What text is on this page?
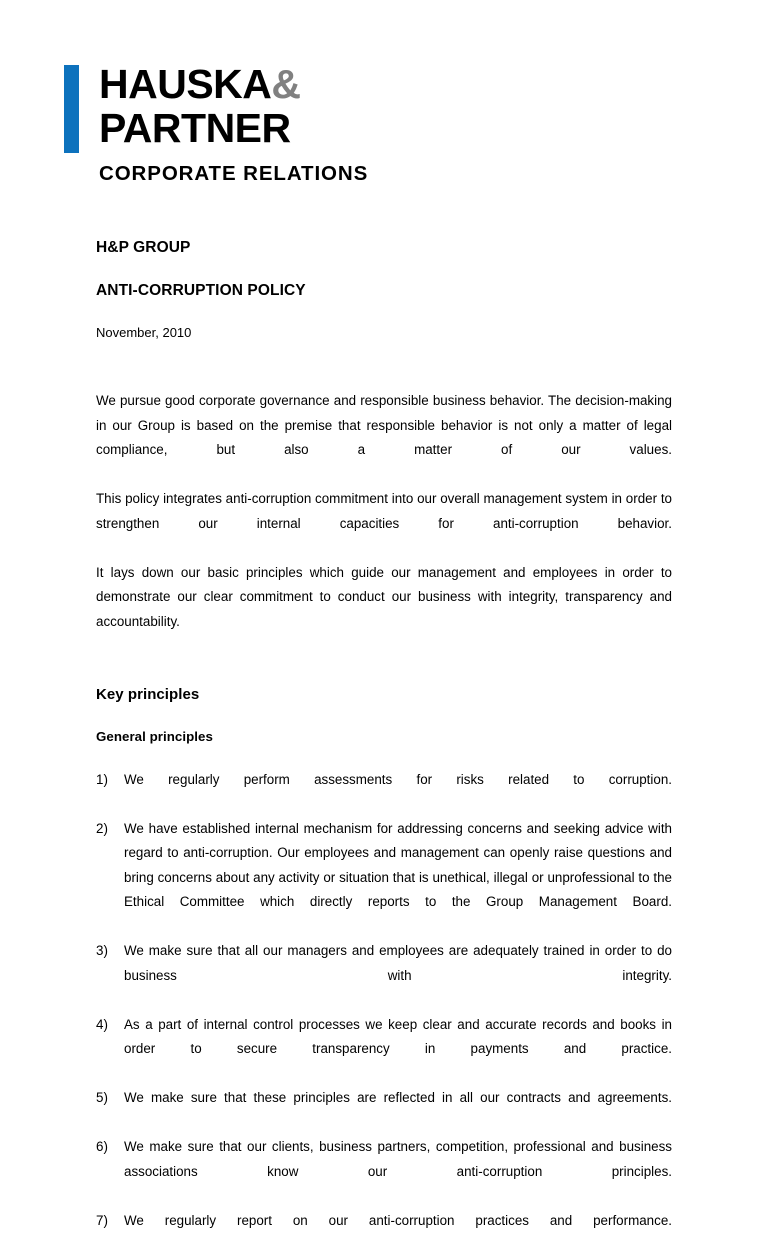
HAUSKA&
PARTNER
CORPORATE RELATIONS
H&P GROUP
ANTI-CORRUPTION POLICY
November, 2010

We pursue good corporate governance and responsible business behavior. The decision-making in our Group is based on the premise that responsible behavior is not only a matter of legal compliance, but also a matter of our values.

This policy integrates anti-corruption commitment into our overall management system in order to strengthen our internal capacities for anti-corruption behavior.

It lays down our basic principles which guide our management and employees in order to demonstrate our clear commitment to conduct our business with integrity, transparency and accountability.

Key principles
General principles
1)	We regularly perform assessments for risks related to corruption.
2)	We have established internal mechanism for addressing concerns and seeking advice with regard to anti-corruption. Our employees and management can openly raise questions and bring concerns about any activity or situation that is unethical, illegal or unprofessional to the Ethical Committee which directly reports to the Group Management Board.
3)	We make sure that all our managers and employees are adequately trained in order to do business with integrity.
4)	As a part of internal control processes we keep clear and accurate records and books in order to secure transparency in payments and practice.
5)	We make sure that these principles are reflected in all our contracts and agreements.
6)	We make sure that our clients, business partners, competition, professional and business associations know our anti-corruption principles.
7)	We regularly report on our anti-corruption practices and performance.
